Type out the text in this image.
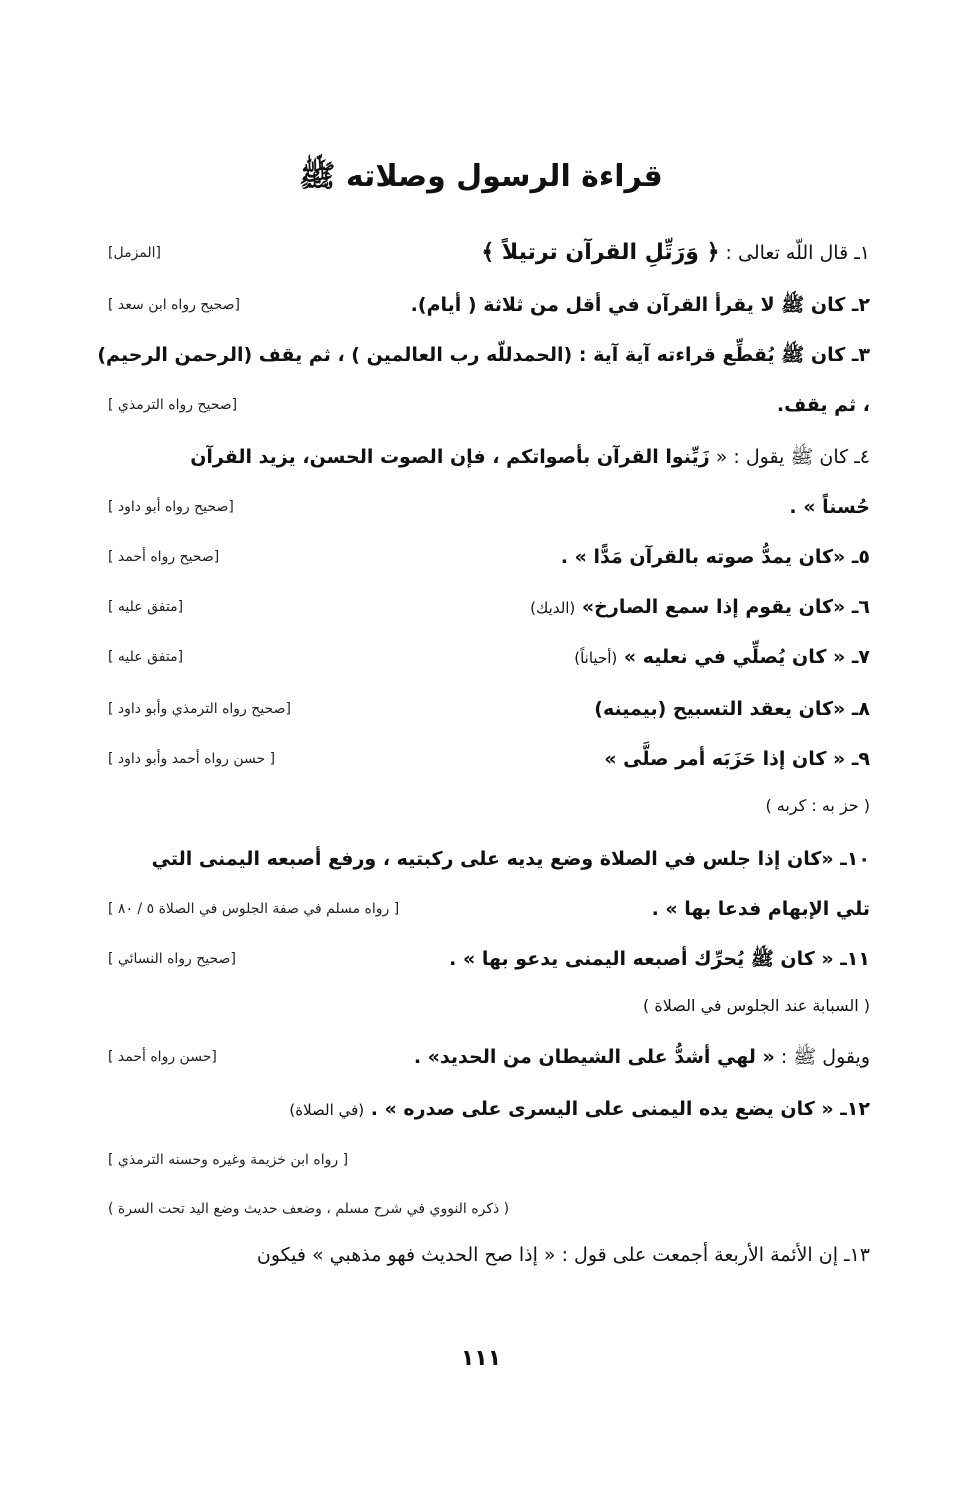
قراءة الرسول وصلاته ﷺ
١ـ قال اللّه تعالى : ﴿ وَرَتِّلِ القرآن ترتيلاً ﴾
[المزمل]
٢ـ كان ﷺ لا يقرأ القرآن في أقل من ثلاثة ( أيام).
[صحيح رواه ابن سعد ]
٣ـ كان ﷺ يُقطِّع قراءته آية آية : (الحمدللّه رب العالمين ) ، ثم يقف (الرحمن الرحيم)
، ثم يقف.
[صحيح رواه الترمذي ]
٤ـ كان ﷺ يقول : « زَيِّنوا القرآن بأصواتكم ، فإن الصوت الحسن، يزيد القرآن
حُسناً » .
[صحيح رواه أبو داود ]
٥ـ «كان يمدُّ صوته بالقرآن مَدًّا » .
[صحيح رواه أحمد ]
٦ـ «كان يقوم إذا سمع الصارخ» (الديك)
[متفق عليه ]
٧ـ « كان يُصلِّي في نعليه » (أحياناً)
[متفق عليه ]
٨ـ «كان يعقد التسبيح (بيمينه)
[صحيح رواه الترمذي وأبو داود ]
٩ـ « كان إذا حَزَبَه أمر صلَّى »
[ حسن رواه أحمد وأبو داود ]
( حز به : كربه )
١٠ـ «كان إذا جلس في الصلاة وضع يديه على ركبتيه ، ورفع أصبعه اليمنى التي
تلي الإبهام فدعا بها » .
[ رواه مسلم في صفة الجلوس في الصلاة ٥ / ٨٠ ]
١١ـ « كان ﷺ يُحرِّك أصبعه اليمنى يدعو بها » .
[صحيح رواه النسائي ]
( السبابة عند الجلوس في الصلاة )
ويقول ﷺ : « لهي أشدُّ على الشيطان من الحديد» .
[حسن رواه أحمد ]
١٢ـ « كان يضع يده اليمنى على اليسرى على صدره » . (في الصلاة)
[ رواه ابن خزيمة وغيره وحسنه الترمذي ]
( ذكره النووي في شرح مسلم ، وضعف حديث وضع اليد تحت السرة )
١٣ـ إن الأئمة الأربعة أجمعت على قول : « إذا صح الحديث فهو مذهبي » فيكون
١١١
